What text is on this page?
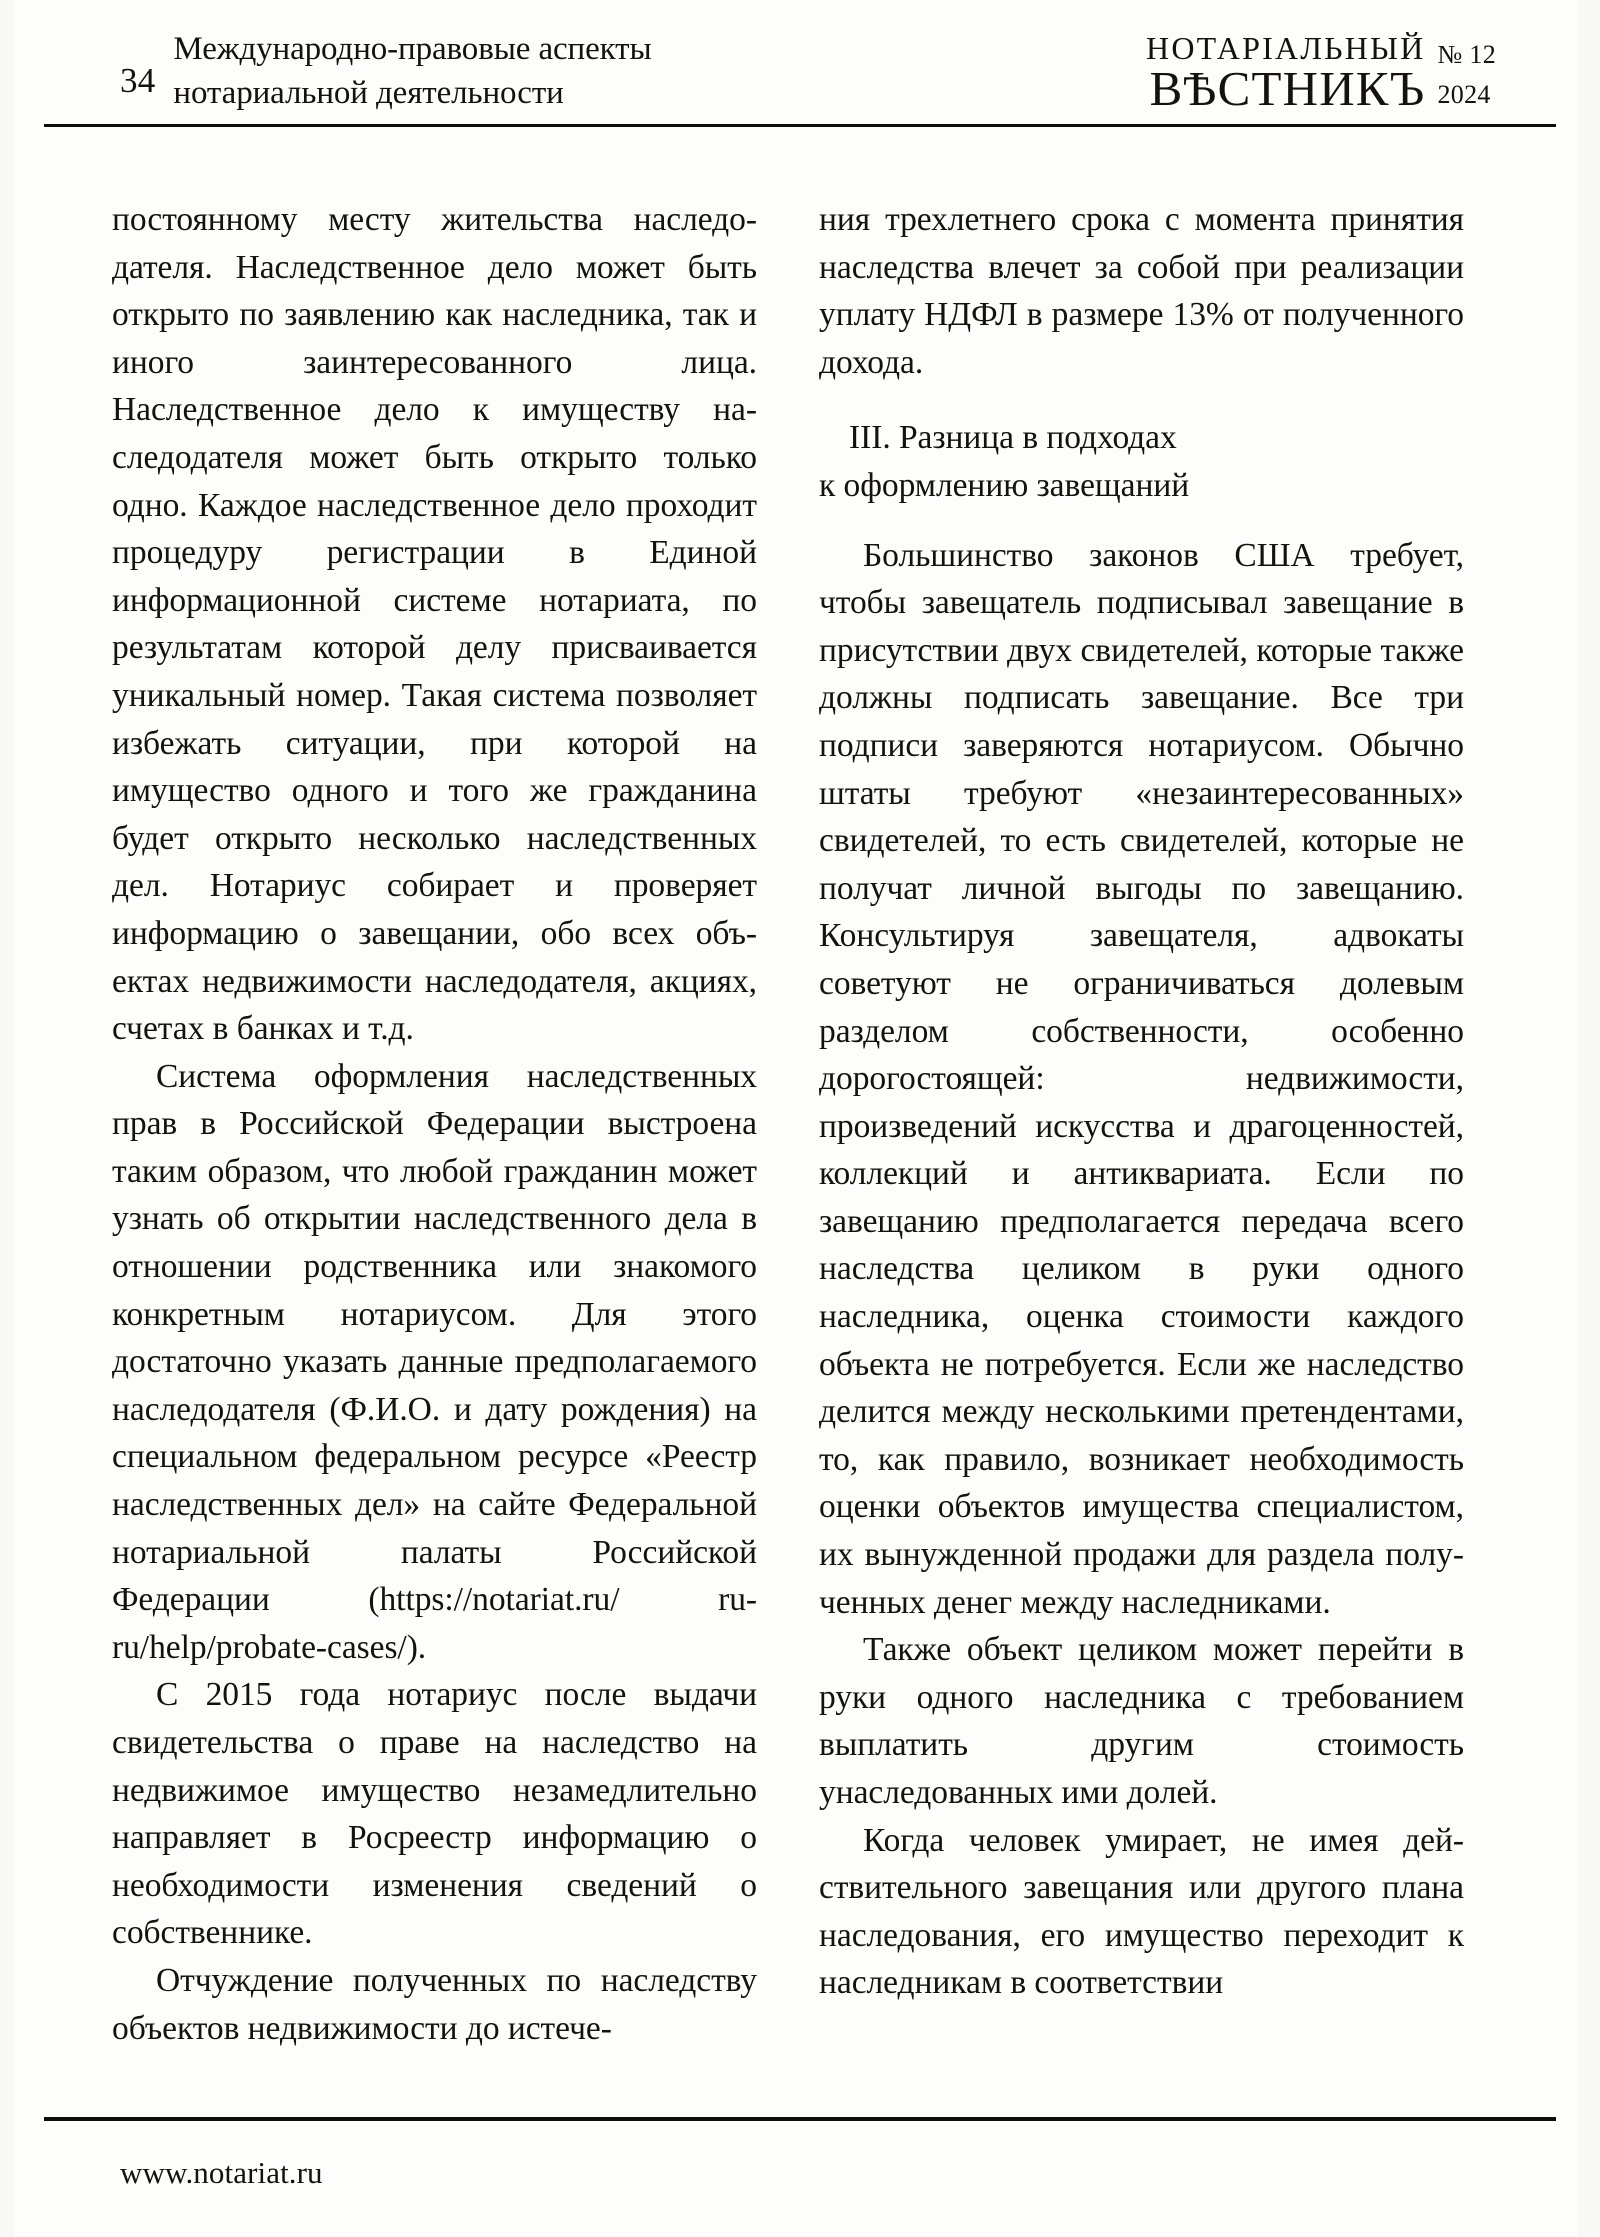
34
Международно-правовые аспекты
нотариальной деятельности
НОТАРІАЛЬНЫЙ
ВѢСТНИКЪ
№ 12
2024

постоянному месту жительства наследодателя. Наследственное дело может быть открыто по заявлению как наследника, так и иного заинтересованного лица. Наследственное дело к имуществу наследодателя может быть открыто только одно. Каждое наследственное дело проходит процедуру регистрации в Единой информационной системе нотариата, по результатам которой делу присваивается уникальный номер. Такая система позволяет избежать ситуации, при которой на имущество одного и того же гражданина будет открыто несколько наследственных дел. Нотариус собирает и проверяет информацию о завещании, обо всех объектах недвижимости наследодателя, акциях, счетах в банках и т.д.

Система оформления наследственных прав в Российской Федерации выстроена таким образом, что любой гражданин может узнать об открытии наследственного дела в отношении родственника или знакомого конкретным нотариусом. Для этого достаточно указать данные предполагаемого наследодателя (Ф.И.О. и дату рождения) на специальном федеральном ресурсе «Реестр наследственных дел» на сайте Федеральной нотариальной палаты Российской Федерации (https://notariat.ru/ ru-ru/help/probate-cases/).

С 2015 года нотариус после выдачи свидетельства о праве на наследство на недвижимое имущество незамедлительно направляет в Росреестр информацию о необходимости изменения сведений о собственнике.

Отчуждение полученных по наследству объектов недвижимости до истече-

ния трехлетнего срока с момента принятия наследства влечет за собой при реализации уплату НДФЛ в размере 13% от полученного дохода.

III. Разница в подходах
к оформлению завещаний

Большинство законов США требует, чтобы завещатель подписывал завещание в присутствии двух свидетелей, которые также должны подписать завещание. Все три подписи заверяются нотариусом. Обычно штаты требуют «незаинтересованных» свидетелей, то есть свидетелей, которые не получат личной выгоды по завещанию. Консультируя завещателя, адвокаты советуют не ограничиваться долевым разделом собственности, особенно дорогостоящей: недвижимости, произведений искусства и драгоценностей, коллекций и антиквариата. Если по завещанию предполагается передача всего наследства целиком в руки одного наследника, оценка стоимости каждого объекта не потребуется. Если же наследство делится между несколькими претендентами, то, как правило, возникает необходимость оценки объектов имущества специалистом, их вынужденной продажи для раздела полученных денег между наследниками.

Также объект целиком может перейти в руки одного наследника с требованием выплатить другим стоимость унаследованных ими долей.

Когда человек умирает, не имея действительного завещания или другого плана наследования, его имущество переходит к наследникам в соответствии

www.notariat.ru
